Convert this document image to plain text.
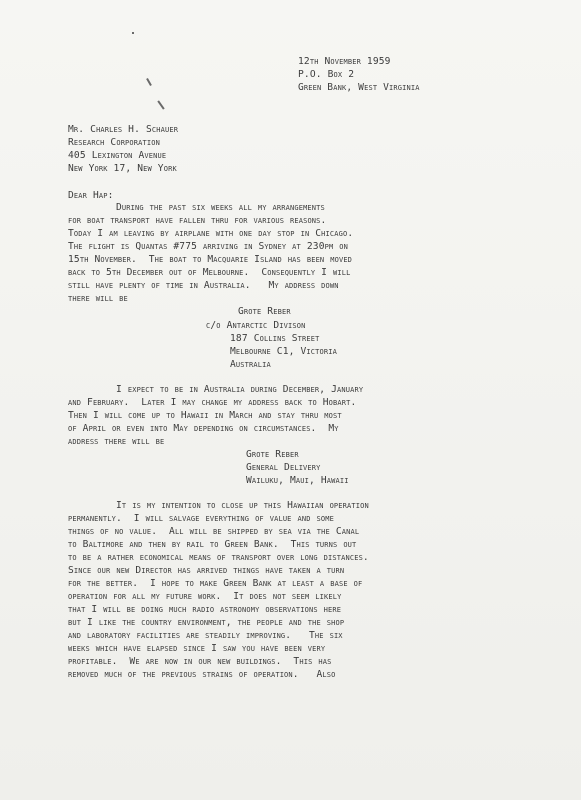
12th November 1959
P.O. Box 2
Green Bank, West Virginia
Mr. Charles H. Schauer
Research Corporation
405 Lexington Avenue
New York 17, New York
Dear Hap:
During the past six weeks all my arrangements
for boat transport have fallen thru for various reasons.
Today I am leaving by airplane with one day stop in Chicago.
The flight is Quantas #775 arriving in Sydney at 230pm on
15th November.  The boat to Macquarie Island has been moved
back to 5th December out of Melbourne.  Consequently I will
still have plenty of time in Australia.   My address down
there will be
Grote Reber
c/o Antarctic Divison
187 Collins Street
Melbourne C1, Victoria
Australia
I expect to be in Australia during December, January
and February.  Later I may change my address back to Hobart.
Then I will come up to Hawaii in March and stay thru most
of April or even into May depending on circumstances.  My
address there will be
Grote Reber
General Delivery
Wailuku, Maui, Hawaii
It is my intention to close up this Hawaiian operation
permanently.  I will salvage everything of value and some
things of no value.  All will be shipped by sea via the Canal
to Baltimore and then by rail to Green Bank.  This turns out
to be a rather economical means of transport over long distances.
Since our new Director has arrived things have taken a turn
for the better.  I hope to make Green Bank at least a base of
operation for all my future work.  It does not seem likely
that I will be doing much radio astronomy observations here
but I like the country environment, the people and the shop
and laboratory facilities are steadily improving.   The six
weeks which have elapsed since I saw you have been very
profitable.  We are now in our new buildings.  This has
removed much of the previous strains of operation.   Also
